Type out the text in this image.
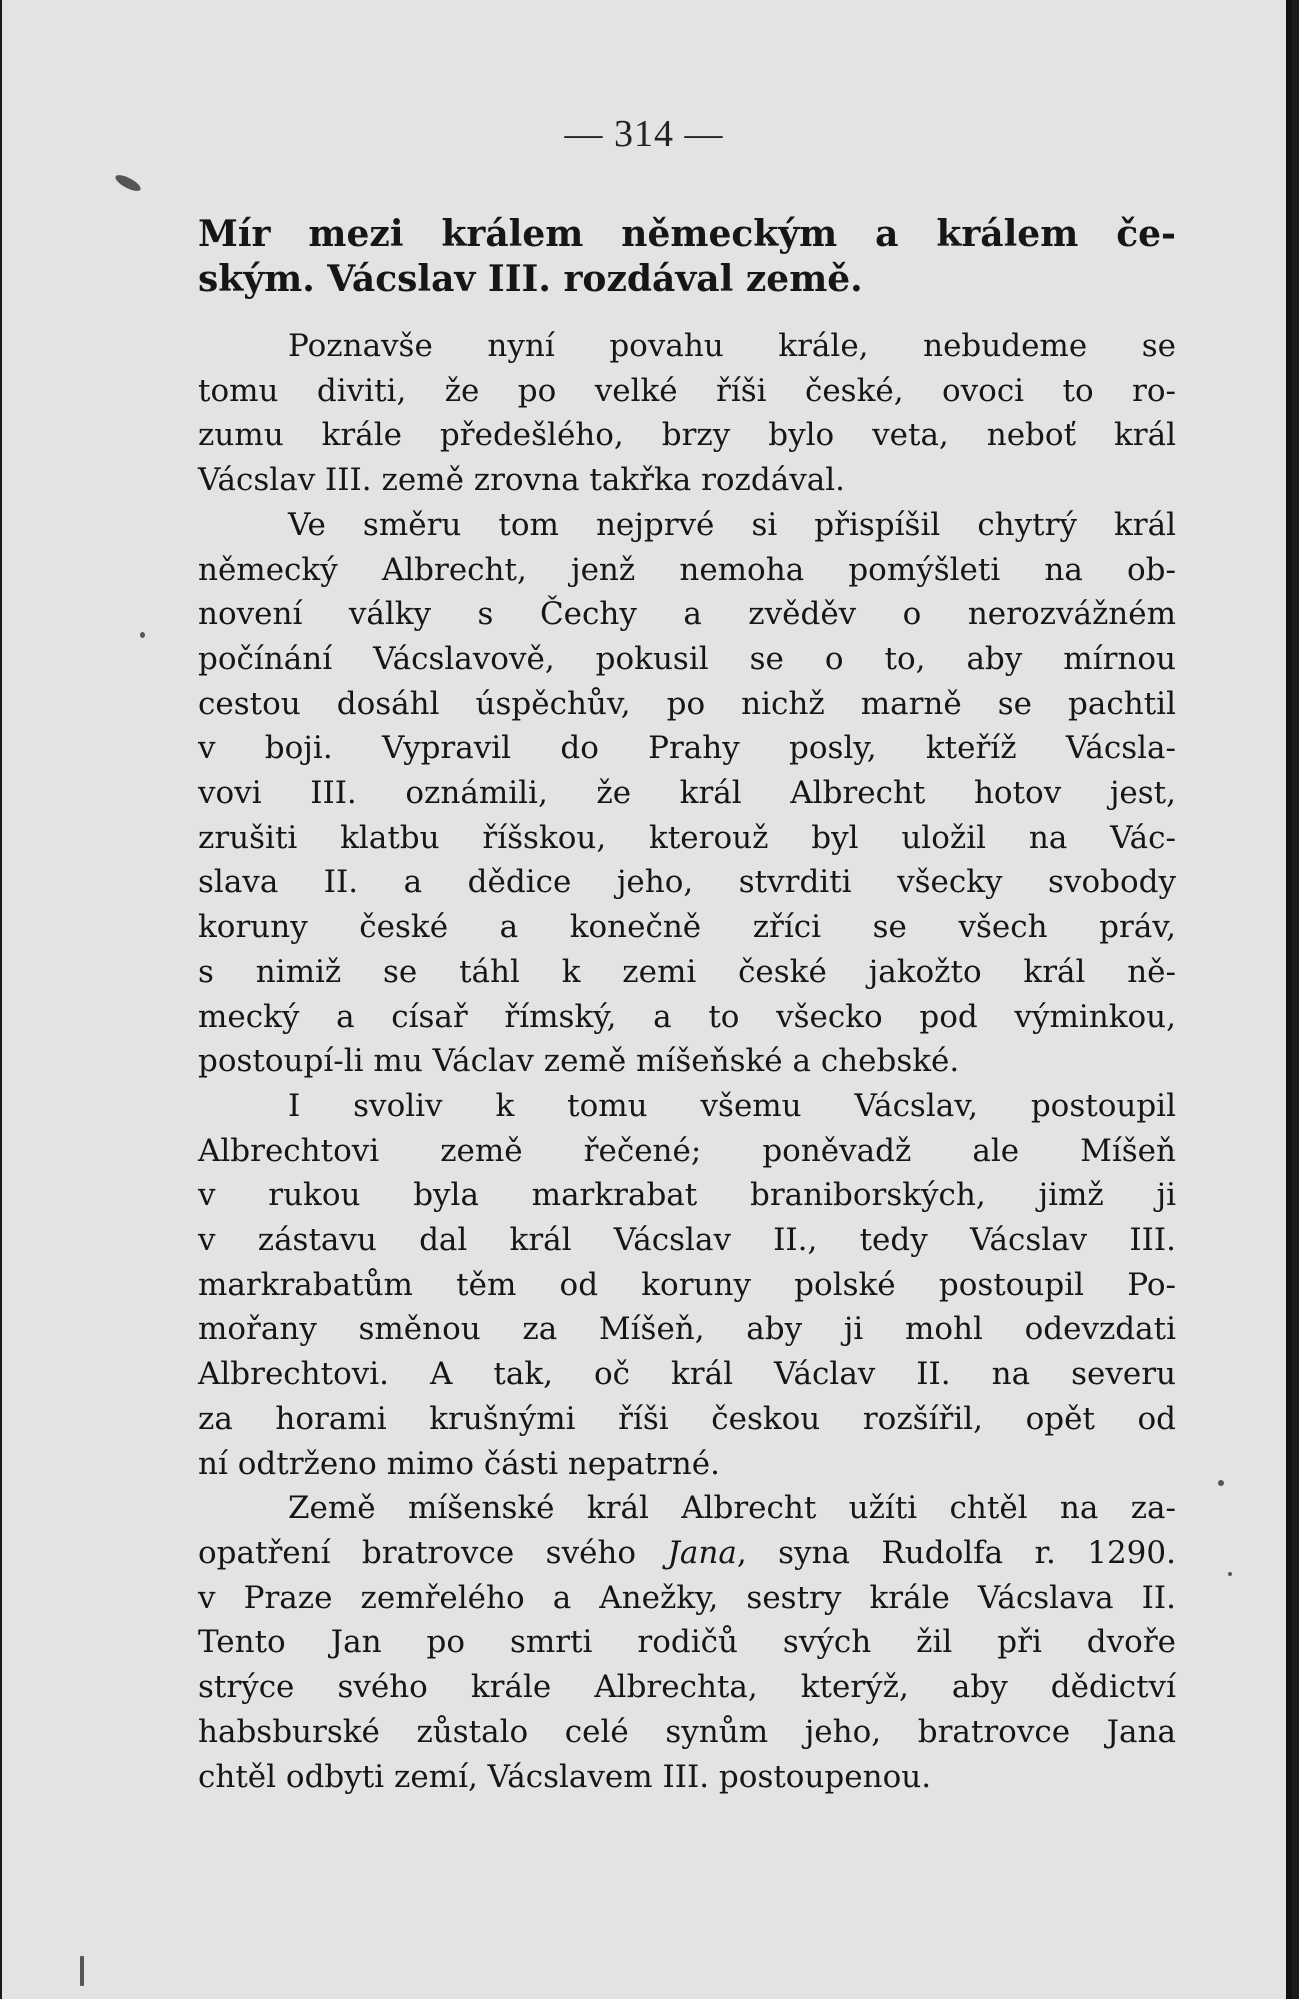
— 314 —
Mír mezi králem německým a králem če-
ským. Vácslav III. rozdával země.
Poznavše nyní povahu krále, nebudeme se
tomu diviti, že po velké říši české, ovoci to ro-
zumu krále předešlého, brzy bylo veta, neboť král
Vácslav III. země zrovna takřka rozdával.
Ve směru tom nejprvé si přispíšil chytrý král
německý Albrecht, jenž nemoha pomýšleti na ob-
novení války s Čechy a zvěděv o nerozvážném
počínání Vácslavově, pokusil se o to, aby mírnou
cestou dosáhl úspěchův, po nichž marně se pachtil
v boji. Vypravil do Prahy posly, kteříž Vácsla-
vovi III. oznámili, že král Albrecht hotov jest,
zrušiti klatbu říšskou, kterouž byl uložil na Vác-
slava II. a dědice jeho, stvrditi všecky svobody
koruny české a konečně zříci se všech práv,
s nimiž se táhl k zemi české jakožto král ně-
mecký a císař římský, a to všecko pod výminkou,
postoupí-li mu Václav země míšeňské a chebské.
I svoliv k tomu všemu Vácslav, postoupil
Albrechtovi země řečené; poněvadž ale Míšeň
v rukou byla markrabat braniborských, jimž ji
v zástavu dal král Vácslav II., tedy Vácslav III.
markrabatům těm od koruny polské postoupil Po-
mořany směnou za Míšeň, aby ji mohl odevzdati
Albrechtovi. A tak, oč král Václav II. na severu
za horami krušnými říši českou rozšířil, opět od
ní odtrženo mimo části nepatrné.
Země míšenské král Albrecht užíti chtěl na za-
opatření bratrovce svého Jana, syna Rudolfa r. 1290.
v Praze zemřelého a Anežky, sestry krále Vácslava II.
Tento Jan po smrti rodičů svých žil při dvoře
strýce svého krále Albrechta, kterýž, aby dědictví
habsburské zůstalo celé synům jeho, bratrovce Jana
chtěl odbyti zemí, Vácslavem III. postoupenou.
